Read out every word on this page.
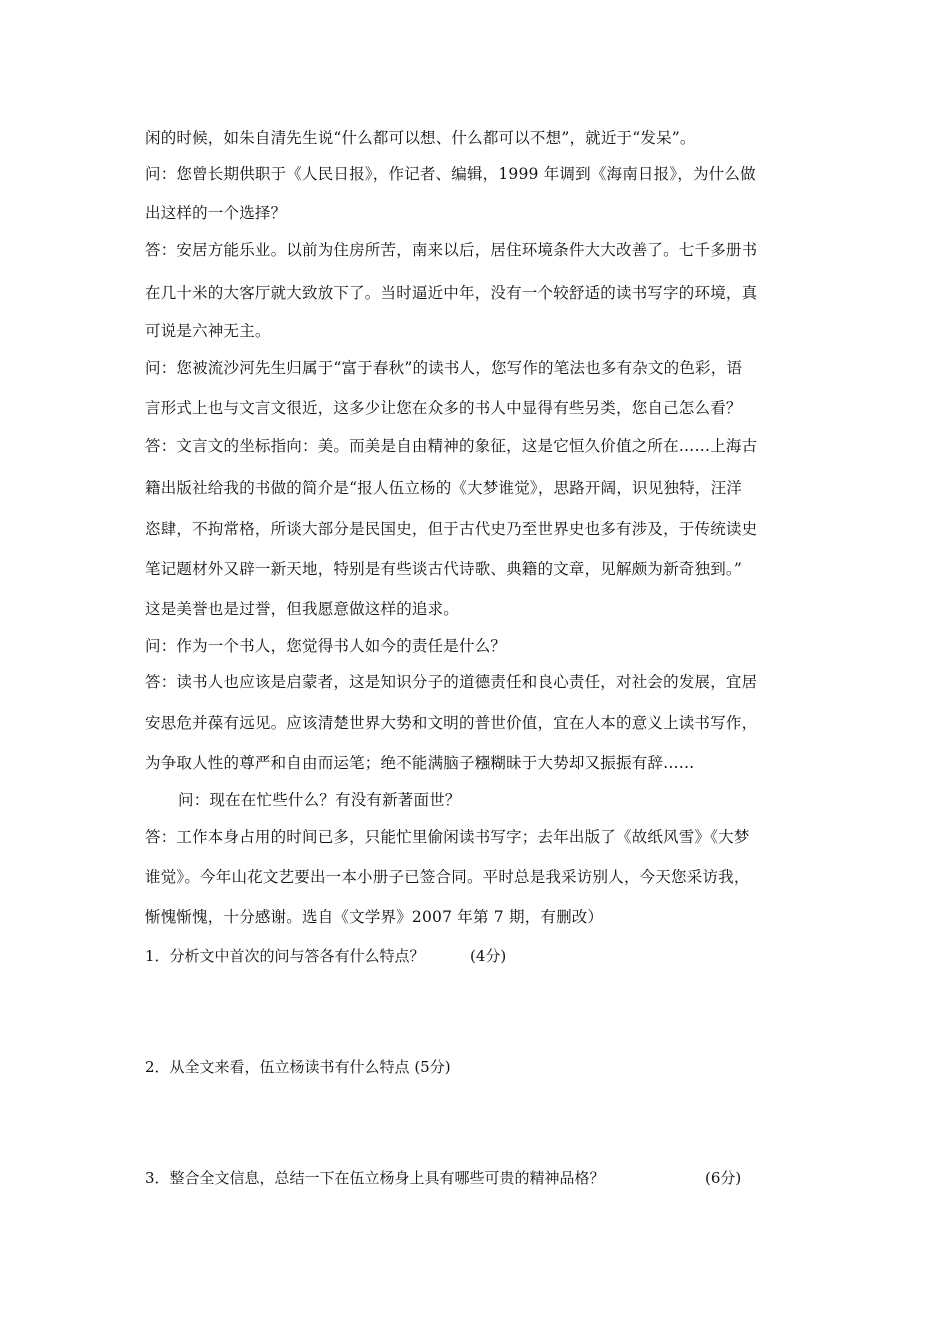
闲的时候，如朱自清先生说“什么都可以想、什么都可以不想”，就近于“发呆”。
问：您曾长期供职于《人民日报》，作记者、编辑，1999 年调到《海南日报》，为什么做
出这样的一个选择？
答：安居方能乐业。以前为住房所苦，南来以后，居住环境条件大大改善了。七千多册书
在几十米的大客厅就大致放下了。当时逼近中年，没有一个较舒适的读书写字的环境，真
可说是六神无主。
问：您被流沙河先生归属于“富于春秋”的读书人，您写作的笔法也多有杂文的色彩，语
言形式上也与文言文很近，这多少让您在众多的书人中显得有些另类，您自己怎么看？
答：文言文的坐标指向：美。而美是自由精神的象征，这是它恒久价值之所在……上海古
籍出版社给我的书做的简介是“报人伍立杨的《大梦谁觉》，思路开阔，识见独特，汪洋
恣肆，不拘常格，所谈大部分是民国史，但于古代史乃至世界史也多有涉及，于传统读史
笔记题材外又辟一新天地，特别是有些谈古代诗歌、典籍的文章，见解颇为新奇独到。”
这是美誉也是过誉，但我愿意做这样的追求。
问：作为一个书人，您觉得书人如今的责任是什么？
答：读书人也应该是启蒙者，这是知识分子的道德责任和良心责任，对社会的发展，宜居
安思危并葆有远见。应该清楚世界大势和文明的普世价值，宜在人本的意义上读书写作，
为争取人性的尊严和自由而运笔；绝不能满脑子糨糊昧于大势却又振振有辞……
问：现在在忙些什么？有没有新著面世？
答：工作本身占用的时间已多，只能忙里偷闲读书写字；去年出版了《故纸风雪》《大梦
谁觉》。今年山花文艺要出一本小册子已签合同。平时总是我采访别人，今天您采访我，
惭愧惭愧，十分感谢。选自《文学界》2007 年第 7 期，有删改）
1．分析文中首次的问与答各有什么特点？	(4分)
2．从全文来看，伍立杨读书有什么特点 (5分)
3．整合全文信息，总结一下在伍立杨身上具有哪些可贵的精神品格？	(6分)
